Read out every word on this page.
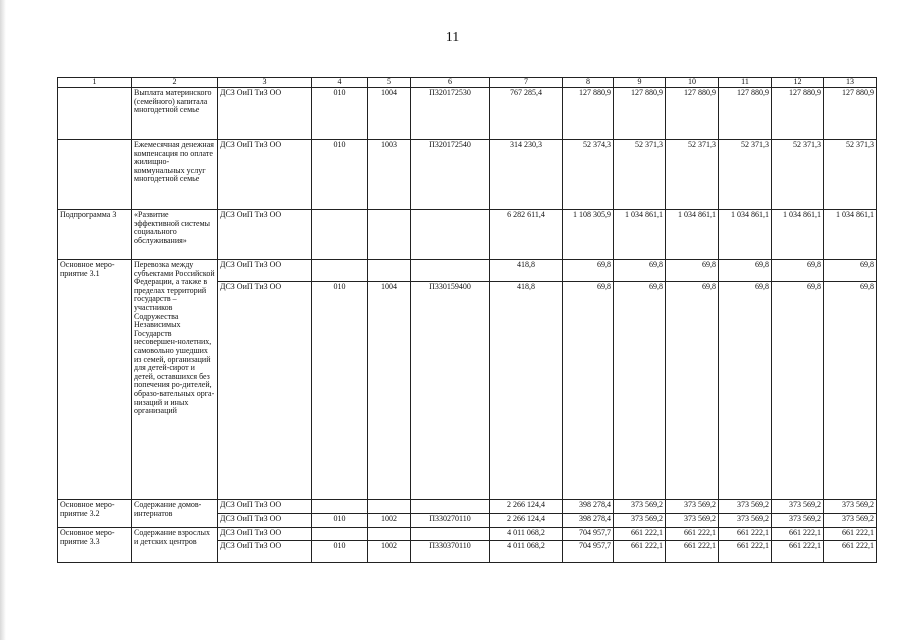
11
1	2	3	4	5	6	7	8	9	10	11	12	13
	Выплата материнского (семейного) капитала многодетной семье	ДСЗ ОиП ТиЗ ОО	010	1004	П320172530	767 285,4	127 880,9	127 880,9	127 880,9	127 880,9	127 880,9	127 880,9
	Ежемесячная денежная компенсация по оплате жилищно-коммунальных услуг многодетной семье	ДСЗ ОиП ТиЗ ОО	010	1003	П320172540	314 230,3	52 374,3	52 371,3	52 371,3	52 371,3	52 371,3	52 371,3
Подпрограмма 3	«Развитие эффективной системы социального обслуживания»	ДСЗ ОиП ТиЗ ОО				6 282 611,4	1 108 305,9	1 034 861,1	1 034 861,1	1 034 861,1	1 034 861,1	1 034 861,1
Основное меро-приятие 3.1	Перевозка между субъектами Российской Федерации, а также в пределах территорий государств – участников Содружества Независимых Государств несовершен-нолетних, самовольно ушедших из семей, организаций для детей-сирот и детей, оставшихся без попечения ро-дителей, образо-вательных орга-низаций и иных организаций	ДСЗ ОиП ТиЗ ОО				418,8	69,8	69,8	69,8	69,8	69,8	69,8
		ДСЗ ОиП ТиЗ ОО	010	1004	П330159400	418,8	69,8	69,8	69,8	69,8	69,8	69,8
Основное меро-приятие 3.2	Содержание домов-интернатов	ДСЗ ОиП ТиЗ ОО				2 266 124,4	398 278,4	373 569,2	373 569,2	373 569,2	373 569,2	373 569,2
		ДСЗ ОиП ТиЗ ОО	010	1002	П330270110	2 266 124,4	398 278,4	373 569,2	373 569,2	373 569,2	373 569,2	373 569,2
Основное меро-приятие 3.3	Содержание взрослых и детских центров	ДСЗ ОиП ТиЗ ОО				4 011 068,2	704 957,7	661 222,1	661 222,1	661 222,1	661 222,1	661 222,1
		ДСЗ ОиП ТиЗ ОО	010	1002	П330370110	4 011 068,2	704 957,7	661 222,1	661 222,1	661 222,1	661 222,1	661 222,1
